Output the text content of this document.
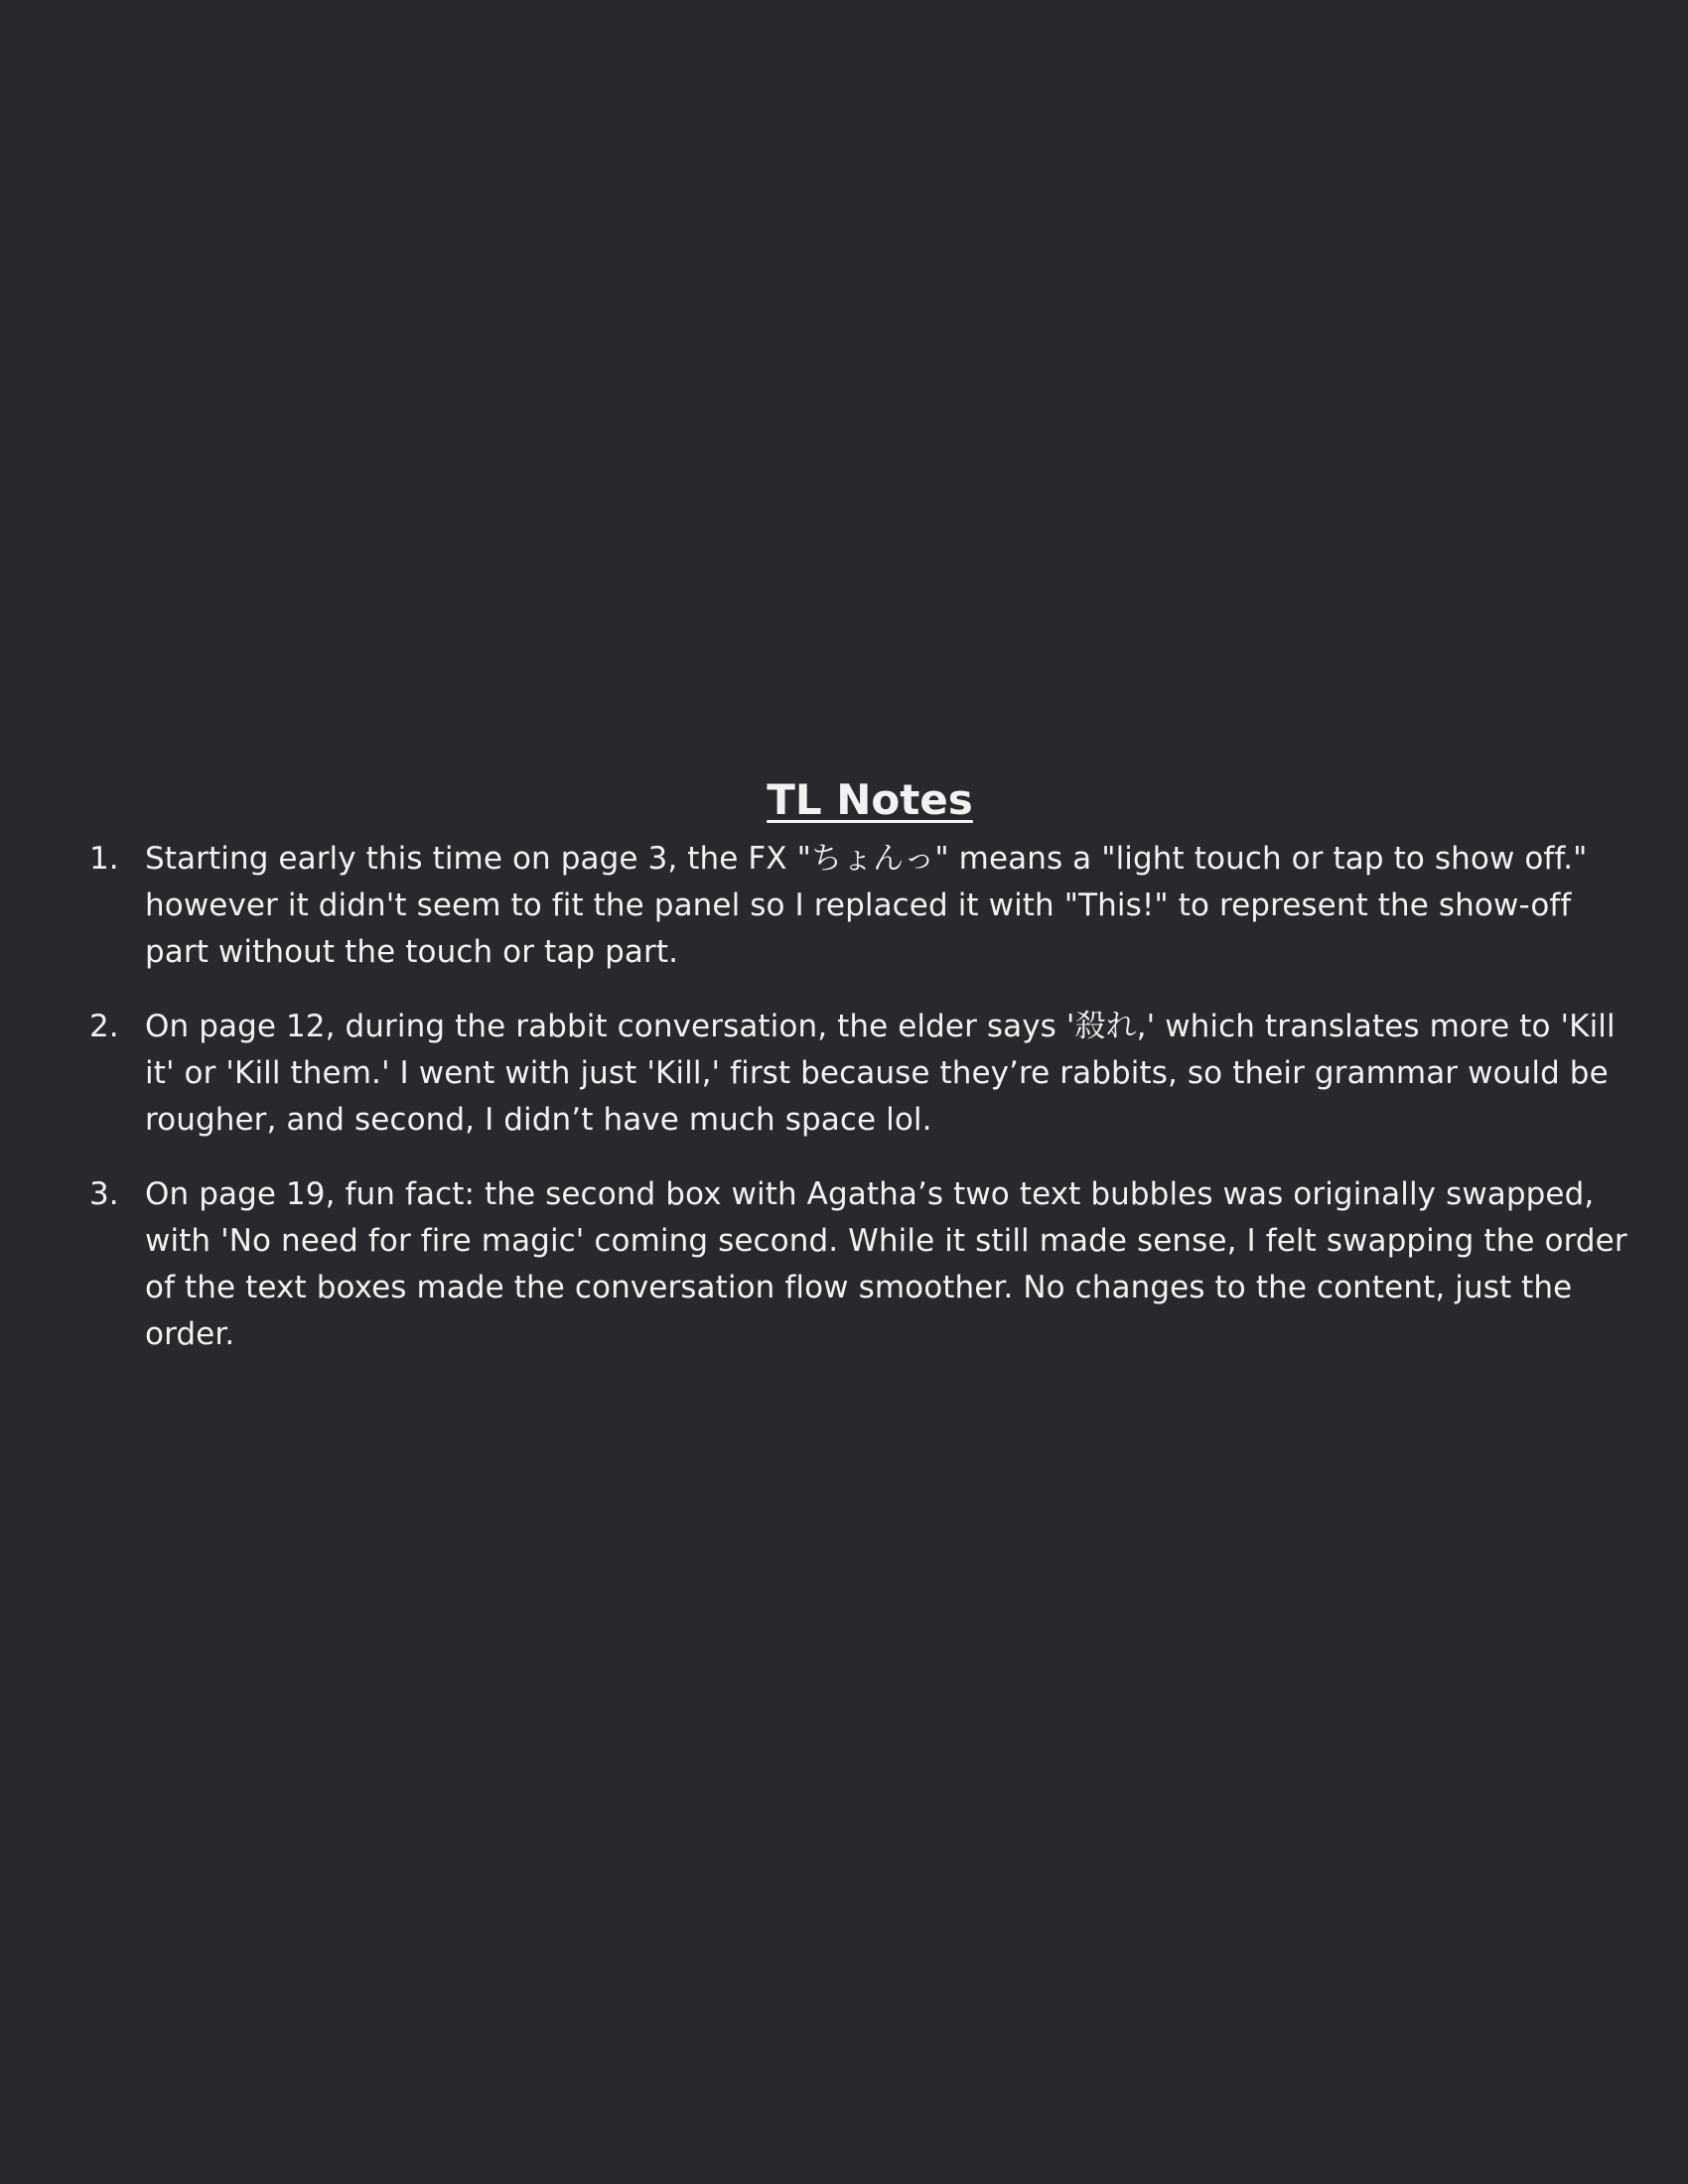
TL Notes
1. Starting early this time on page 3, the FX "ちょんっ" means a "light touch or tap to show off." however it didn't seem to fit the panel so I replaced it with "This!" to represent the show-off part without the touch or tap part.
2. On page 12, during the rabbit conversation, the elder says '殺れ,' which translates more to 'Kill it' or 'Kill them.' I went with just 'Kill,' first because they’re rabbits, so their grammar would be rougher, and second, I didn’t have much space lol.
3. On page 19, fun fact: the second box with Agatha’s two text bubbles was originally swapped, with 'No need for fire magic' coming second. While it still made sense, I felt swapping the order of the text boxes made the conversation flow smoother. No changes to the content, just the order.
